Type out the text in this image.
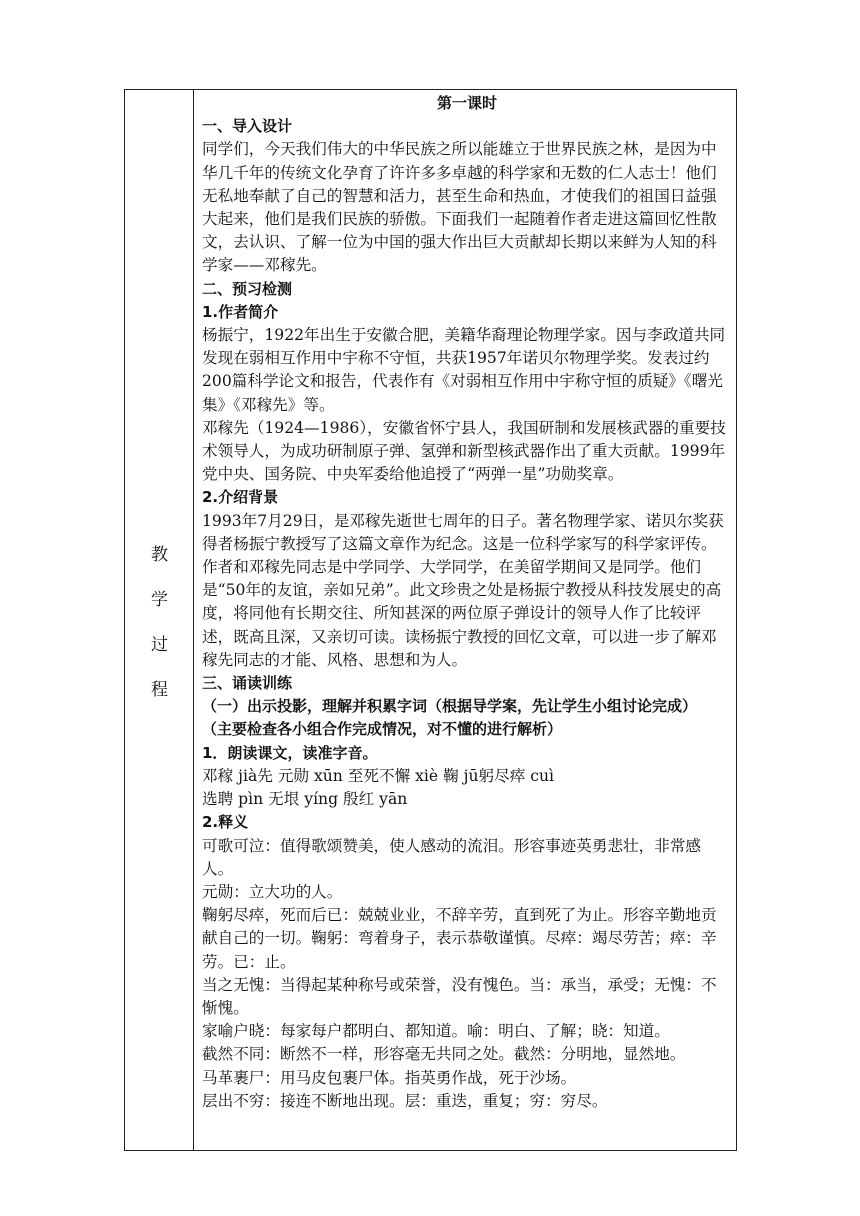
教
学
过
程

第一课时

一、导入设计

同学们，今天我们伟大的中华民族之所以能雄立于世界民族之林，是因为中华几千年的传统文化孕育了许许多多卓越的科学家和无数的仁人志士！他们无私地奉献了自己的智慧和活力，甚至生命和热血，才使我们的祖国日益强大起来，他们是我们民族的骄傲。下面我们一起随着作者走进这篇回忆性散文，去认识、了解一位为中国的强大作出巨大贡献却长期以来鲜为人知的科学家——邓稼先。

二、预习检测

1.作者简介

杨振宁，1922年出生于安徽合肥，美籍华裔理论物理学家。因与李政道共同发现在弱相互作用中宇称不守恒，共获1957年诺贝尔物理学奖。发表过约200篇科学论文和报告，代表作有《对弱相互作用中宇称守恒的质疑》《曙光集》《邓稼先》等。

邓稼先（1924—1986），安徽省怀宁县人，我国研制和发展核武器的重要技术领导人，为成功研制原子弹、氢弹和新型核武器作出了重大贡献。1999年党中央、国务院、中央军委给他追授了“两弹一星”功勋奖章。

2.介绍背景

1993年7月29日，是邓稼先逝世七周年的日子。著名物理学家、诺贝尔奖获得者杨振宁教授写了这篇文章作为纪念。这是一位科学家写的科学家评传。作者和邓稼先同志是中学同学、大学同学，在美留学期间又是同学。他们是“50年的友谊，亲如兄弟”。此文珍贵之处是杨振宁教授从科技发展史的高度，将同他有长期交往、所知甚深的两位原子弹设计的领导人作了比较评述，既高且深，又亲切可读。读杨振宁教授的回忆文章，可以进一步了解邓稼先同志的才能、风格、思想和为人。

三、诵读训练

（一）出示投影，理解并积累字词（根据导学案，先让学生小组讨论完成）

（主要检查各小组合作完成情况，对不懂的进行解析）

1．朗读课文，读准字音。

邓稼 jià先 元勋 xūn 至死不懈 xiè 鞠 jū躬尽瘁 cuì

选聘 pìn 无垠 yíng 殷红 yān

2.释义

可歌可泣：值得歌颂赞美，使人感动的流泪。形容事迹英勇悲壮，非常感人。

元勋：立大功的人。

鞠躬尽瘁，死而后已：兢兢业业，不辞辛劳，直到死了为止。形容辛勤地贡献自己的一切。鞠躬：弯着身子，表示恭敬谨慎。尽瘁：竭尽劳苦；瘁：辛劳。已：止。

当之无愧：当得起某种称号或荣誉，没有愧色。当：承当，承受；无愧：不惭愧。

家喻户晓：每家每户都明白、都知道。喻：明白、了解；晓：知道。

截然不同：断然不一样，形容毫无共同之处。截然：分明地，显然地。

马革裹尸：用马皮包裹尸体。指英勇作战，死于沙场。

层出不穷：接连不断地出现。层：重迭，重复；穷：穷尽。
